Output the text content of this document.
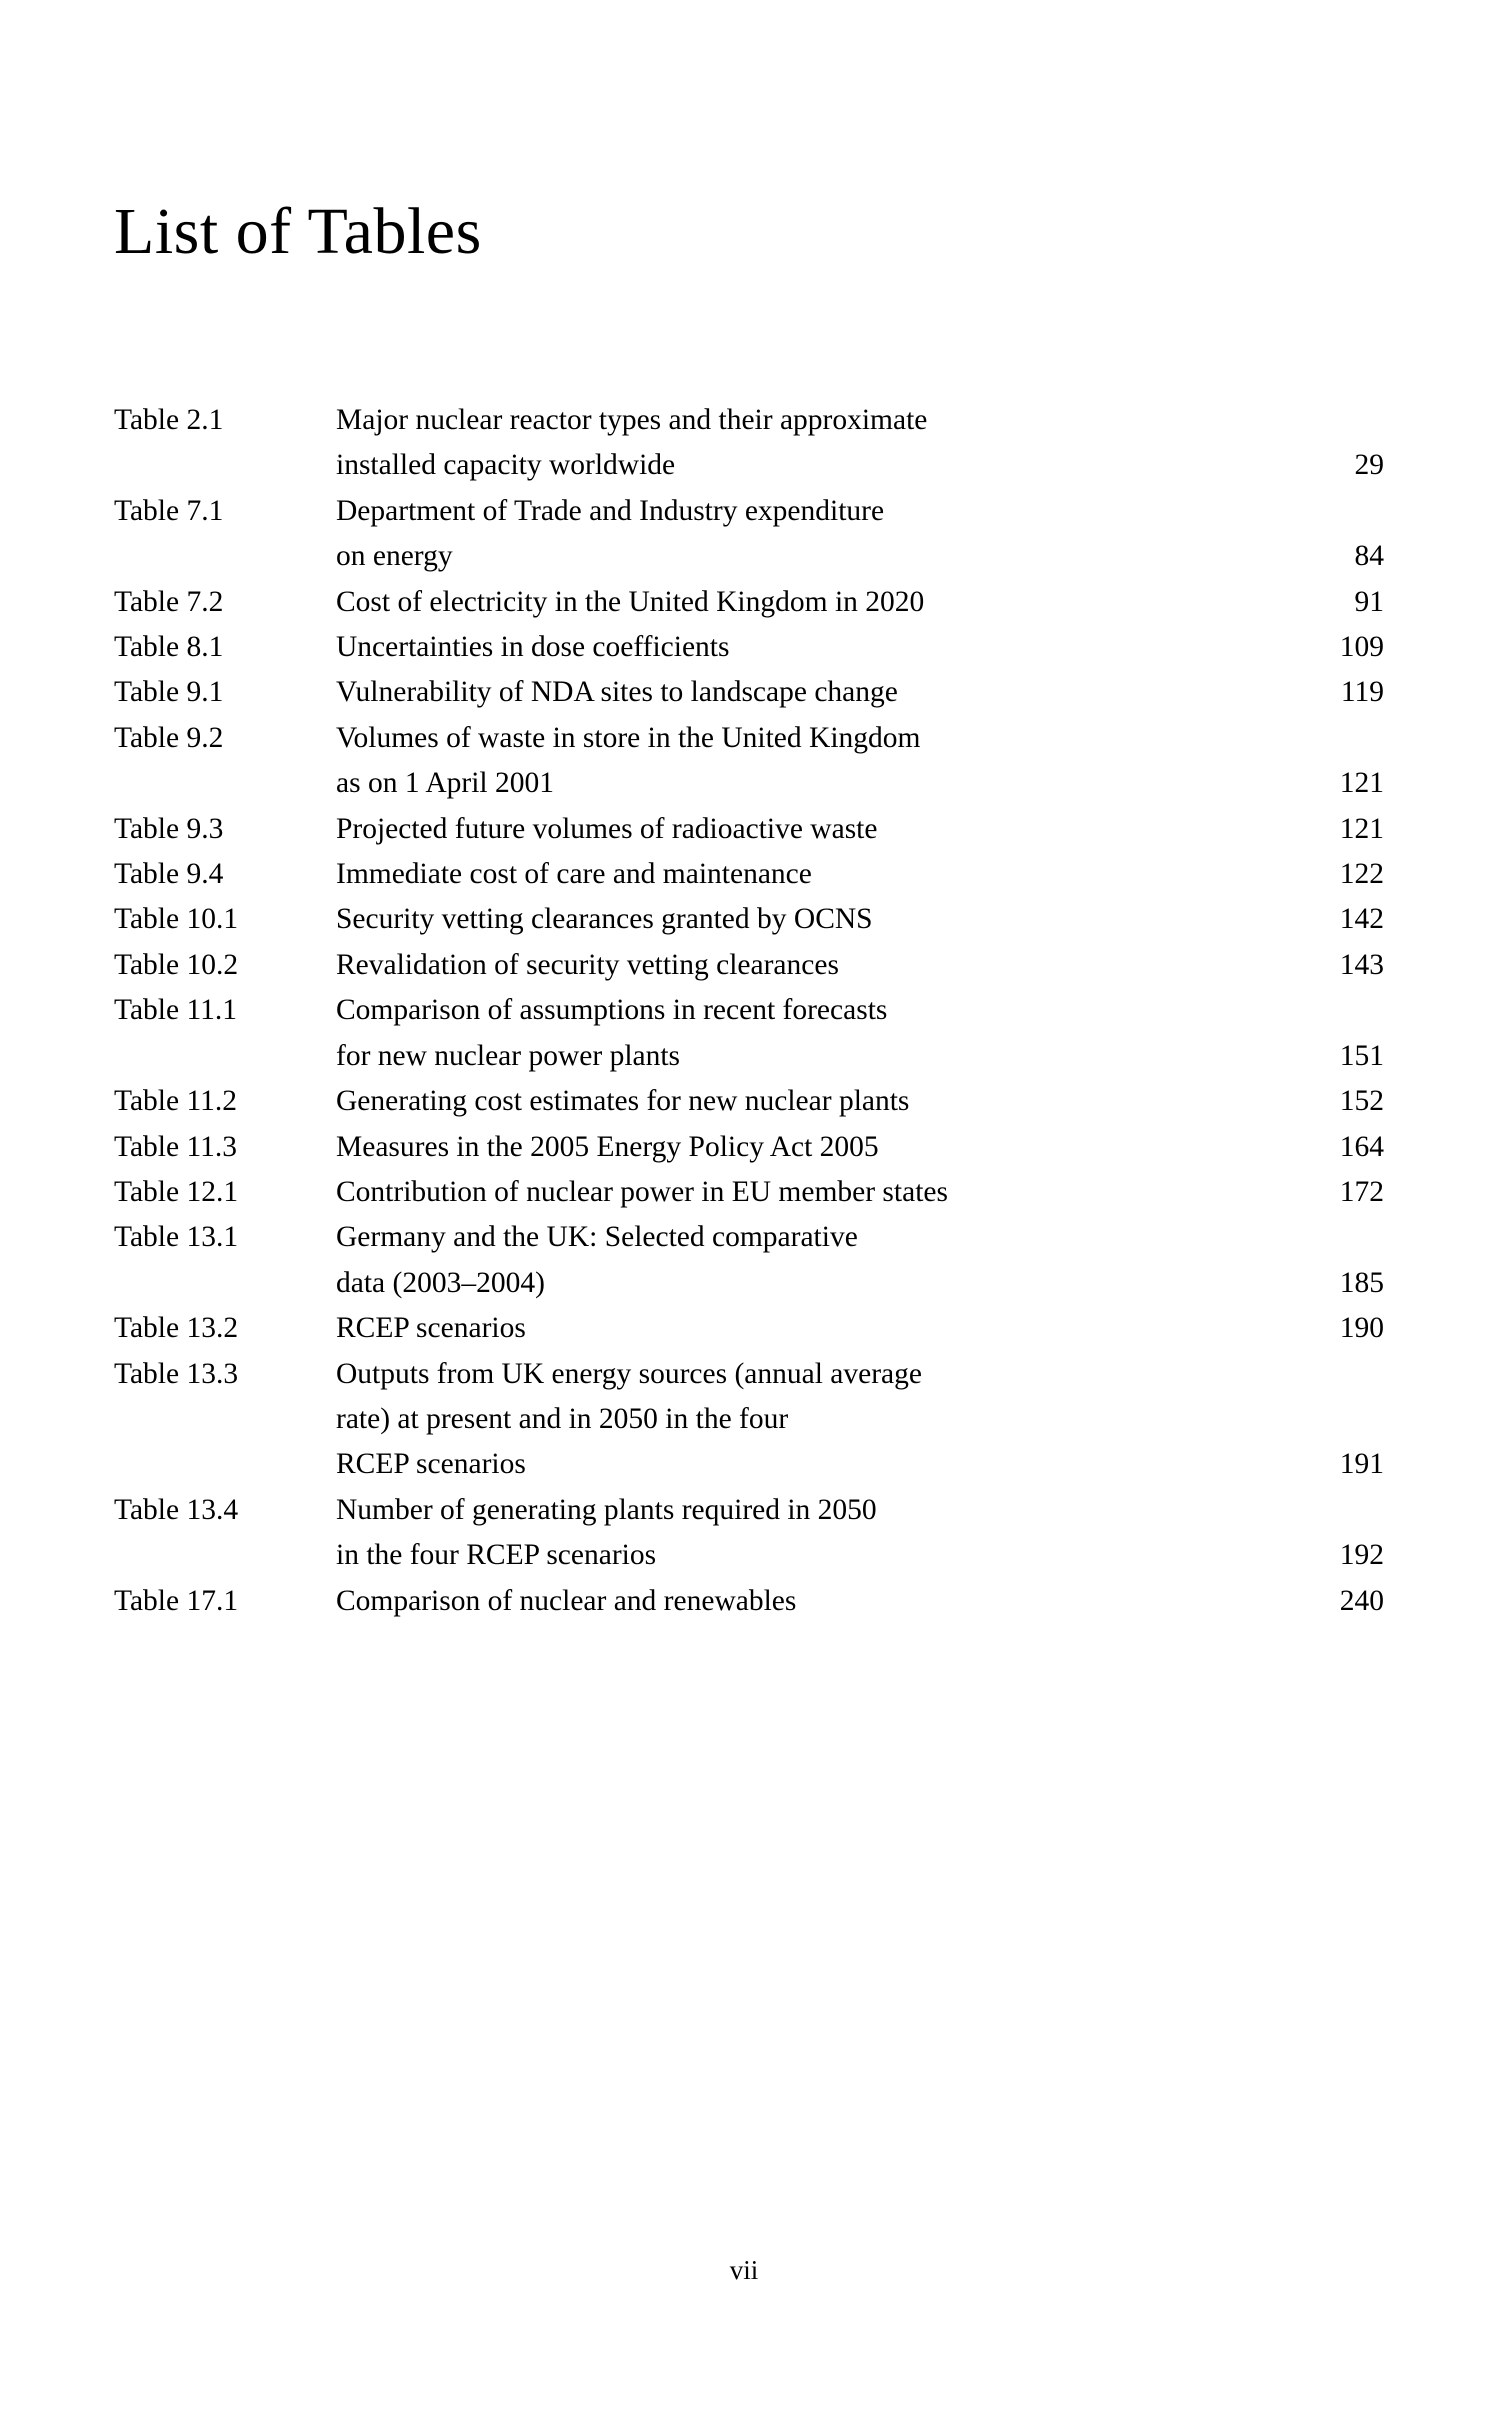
List of Tables
Table 2.1	Major nuclear reactor types and their approximate
installed capacity worldwide	29
Table 7.1	Department of Trade and Industry expenditure
on energy	84
Table 7.2	Cost of electricity in the United Kingdom in 2020	91
Table 8.1	Uncertainties in dose coefficients	109
Table 9.1	Vulnerability of NDA sites to landscape change	119
Table 9.2	Volumes of waste in store in the United Kingdom
as on 1 April 2001	121
Table 9.3	Projected future volumes of radioactive waste	121
Table 9.4	Immediate cost of care and maintenance	122
Table 10.1	Security vetting clearances granted by OCNS	142
Table 10.2	Revalidation of security vetting clearances	143
Table 11.1	Comparison of assumptions in recent forecasts
for new nuclear power plants	151
Table 11.2	Generating cost estimates for new nuclear plants	152
Table 11.3	Measures in the 2005 Energy Policy Act 2005	164
Table 12.1	Contribution of nuclear power in EU member states	172
Table 13.1	Germany and the UK: Selected comparative
data (2003–2004)	185
Table 13.2	RCEP scenarios	190
Table 13.3	Outputs from UK energy sources (annual average
rate) at present and in 2050 in the four
RCEP scenarios	191
Table 13.4	Number of generating plants required in 2050
in the four RCEP scenarios	192
Table 17.1	Comparison of nuclear and renewables	240
vii
